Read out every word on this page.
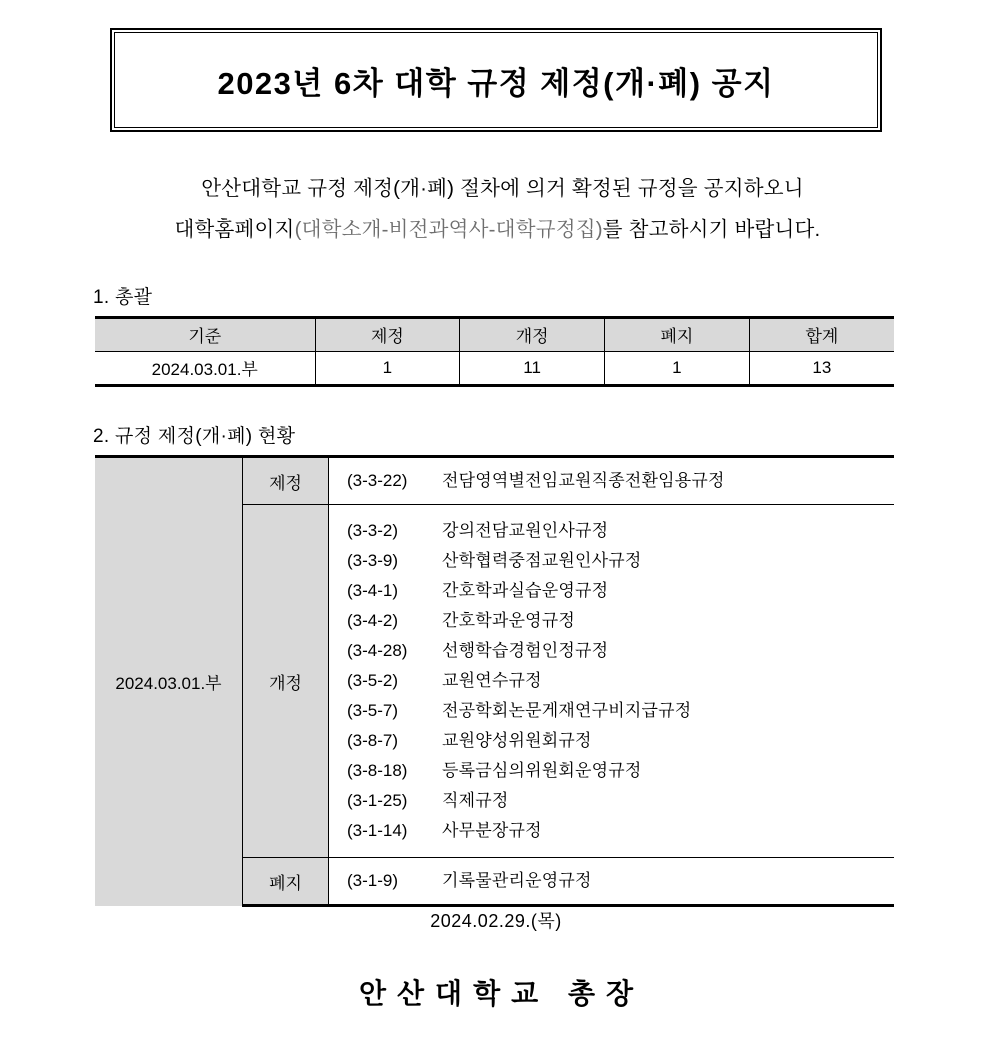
2023년 6차 대학 규정 제정(개·폐) 공지
안산대학교 규정 제정(개·폐) 절차에 의거 확정된 규정을 공지하오니
대학홈페이지(대학소개-비전과역사-대학규정집)를 참고하시기 바랍니다.
1. 총괄
기준	제정	개정	폐지	합계
2024.03.01.부	1	11	1	13
2. 규정 제정(개·폐) 현황
2024.03.01.부	제정	(3-3-22) 전담영역별전임교원직종전환임용규정

개정	
(3-3-2)	강의전담교원인사규정
(3-3-9)	산학협력중점교원인사규정
(3-4-1)	간호학과실습운영규정
(3-4-2)	간호학과운영규정
(3-4-28)	선행학습경험인정규정
(3-5-2)	교원연수규정
(3-5-7)	전공학회논문게재연구비지급규정
(3-8-7)	교원양성위원회규정
(3-8-18)	등록금심의위원회운영규정
(3-1-25)	직제규정
(3-1-14)	사무분장규정

	폐지	(3-1-9) 기록물관리운영규정
2024.02.29.(목)
안산대학교 총장
